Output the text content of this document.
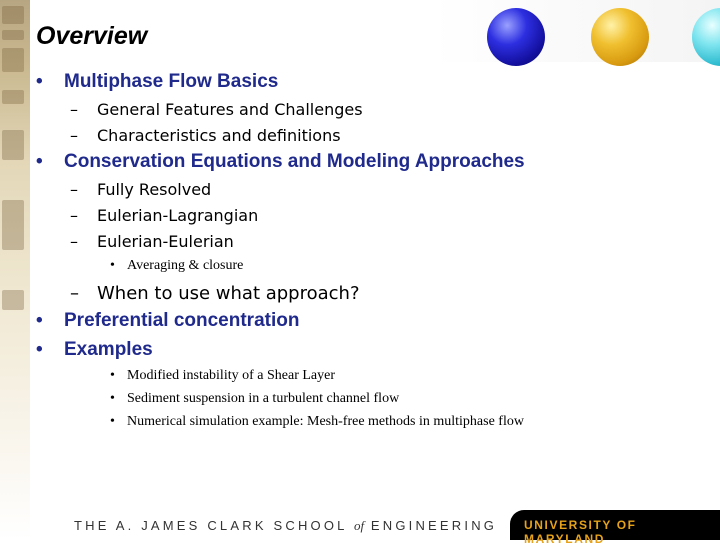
Overview
• Multiphase Flow Basics
– General Features and Challenges
– Characteristics and definitions
• Conservation Equations and Modeling Approaches
– Fully Resolved
– Eulerian-Lagrangian
– Eulerian-Eulerian
• Averaging & closure
– When to use what approach?
• Preferential concentration
• Examples
• Modified instability of a Shear Layer
• Sediment suspension in a turbulent channel flow
• Numerical simulation example: Mesh-free methods in multiphase flow
THE A. JAMES CLARK SCHOOL of ENGINEERING UNIVERSITY OF MARYLAND
